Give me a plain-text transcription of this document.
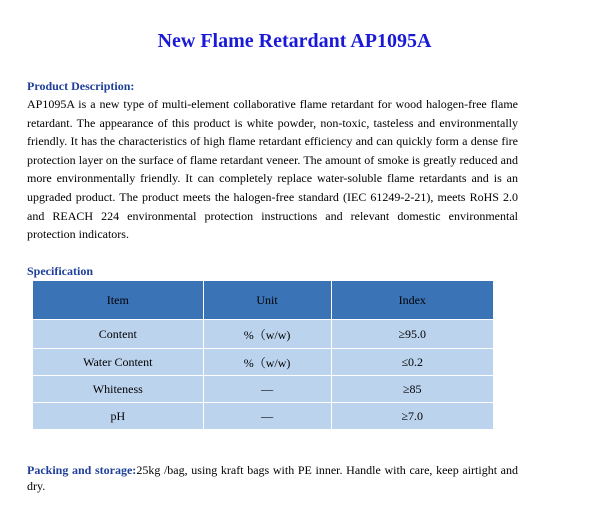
New Flame Retardant AP1095A
Product Description:

AP1095A is a new type of multi-element collaborative flame retardant for wood halogen-free flame retardant. The appearance of this product is white powder, non-toxic, tasteless and environmentally friendly. It has the characteristics of high flame retardant efficiency and can quickly form a dense fire protection layer on the surface of flame retardant veneer. The amount of smoke is greatly reduced and more environmentally friendly. It can completely replace water-soluble flame retardants and is an upgraded product. The product meets the halogen-free standard (IEC 61249-2-21), meets RoHS 2.0 and REACH 224 environmental protection instructions and relevant domestic environmental protection indicators.

Specification
Item	Unit	Index
Content	%（w/w)	≥95.0
Water Content	%（w/w)	≤0.2
Whiteness	—	≥85
pH	—	≥7.0

Packing and storage:25kg /bag, using kraft bags with PE inner. Handle with care, keep airtight and dry.
